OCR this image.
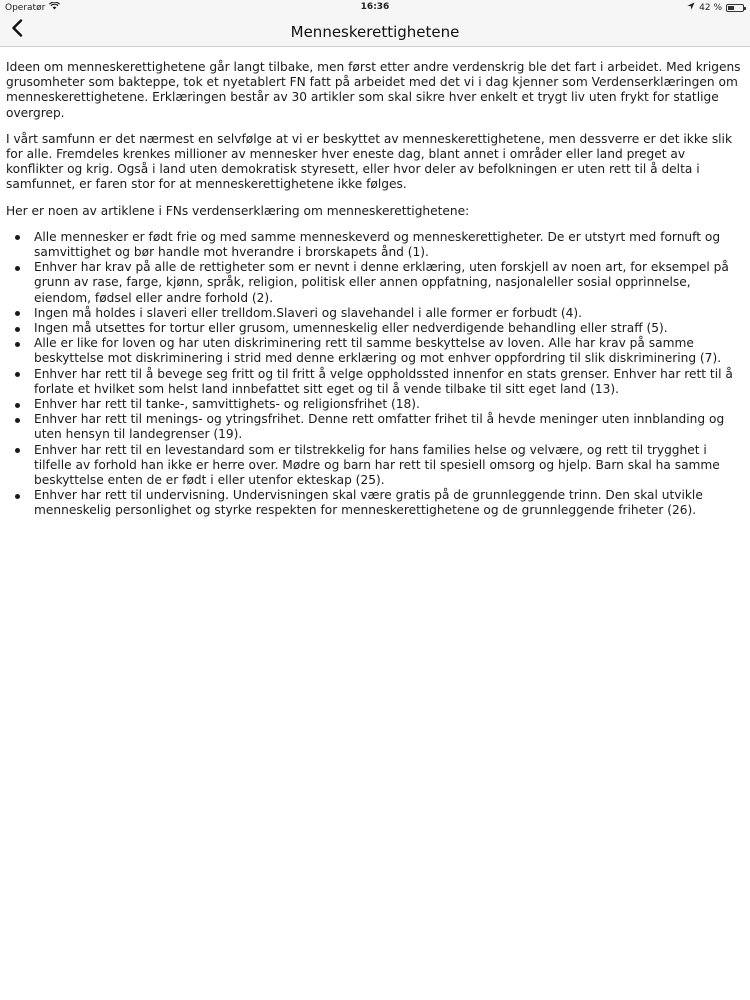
Operatør	16:36	42 %
Menneskerettighetene

Ideen om menneskerettighetene går langt tilbake, men først etter andre verdenskrig ble det fart i arbeidet. Med krigens grusomheter som bakteppe, tok et nyetablert FN fatt på arbeidet med det vi i dag kjenner som Verdenserklæringen om menneskerettighetene. Erklæringen består av 30 artikler som skal sikre hver enkelt et trygt liv uten frykt for statlige overgrep.

I vårt samfunn er det nærmest en selvfølge at vi er beskyttet av menneskerettighetene, men dessverre er det ikke slik for alle. Fremdeles krenkes millioner av mennesker hver eneste dag, blant annet i områder eller land preget av konflikter og krig. Også i land uten demokratisk styresett, eller hvor deler av befolkningen er uten rett til å delta i samfunnet, er faren stor for at menneskerettighetene ikke følges.

Her er noen av artiklene i FNs verdenserklæring om menneskerettighetene:

Alle mennesker er født frie og med samme menneskeverd og menneskerettigheter. De er utstyrt med fornuft og samvittighet og bør handle mot hverandre i brorskapets ånd (1).
Enhver har krav på alle de rettigheter som er nevnt i denne erklæring, uten forskjell av noen art, for eksempel på grunn av rase, farge, kjønn, språk, religion, politisk eller annen oppfatning, nasjonaleller sosial opprinnelse, eiendom, fødsel eller andre forhold (2).
Ingen må holdes i slaveri eller trelldom.Slaveri og slavehandel i alle former er forbudt (4).
Ingen må utsettes for tortur eller grusom, umenneskelig eller nedverdigende behandling eller straff (5).
Alle er like for loven og har uten diskriminering rett til samme beskyttelse av loven. Alle har krav på samme beskyttelse mot diskriminering i strid med denne erklæring og mot enhver oppfordring til slik diskriminering (7).
Enhver har rett til å bevege seg fritt og til fritt å velge oppholdssted innenfor en stats grenser. Enhver har rett til å forlate et hvilket som helst land innbefattet sitt eget og til å vende tilbake til sitt eget land (13).
Enhver har rett til tanke-, samvittighets- og religionsfrihet (18).
Enhver har rett til menings- og ytringsfrihet. Denne rett omfatter frihet til å hevde meninger uten innblanding og uten hensyn til landegrenser (19).
Enhver har rett til en levestandard som er tilstrekkelig for hans families helse og velvære, og rett til trygghet i tilfelle av forhold han ikke er herre over. Mødre og barn har rett til spesiell omsorg og hjelp. Barn skal ha samme beskyttelse enten de er født i eller utenfor ekteskap (25).
Enhver har rett til undervisning. Undervisningen skal være gratis på de grunnleggende trinn. Den skal utvikle menneskelig personlighet og styrke respekten for menneskerettighetene og de grunnleggende friheter (26).
